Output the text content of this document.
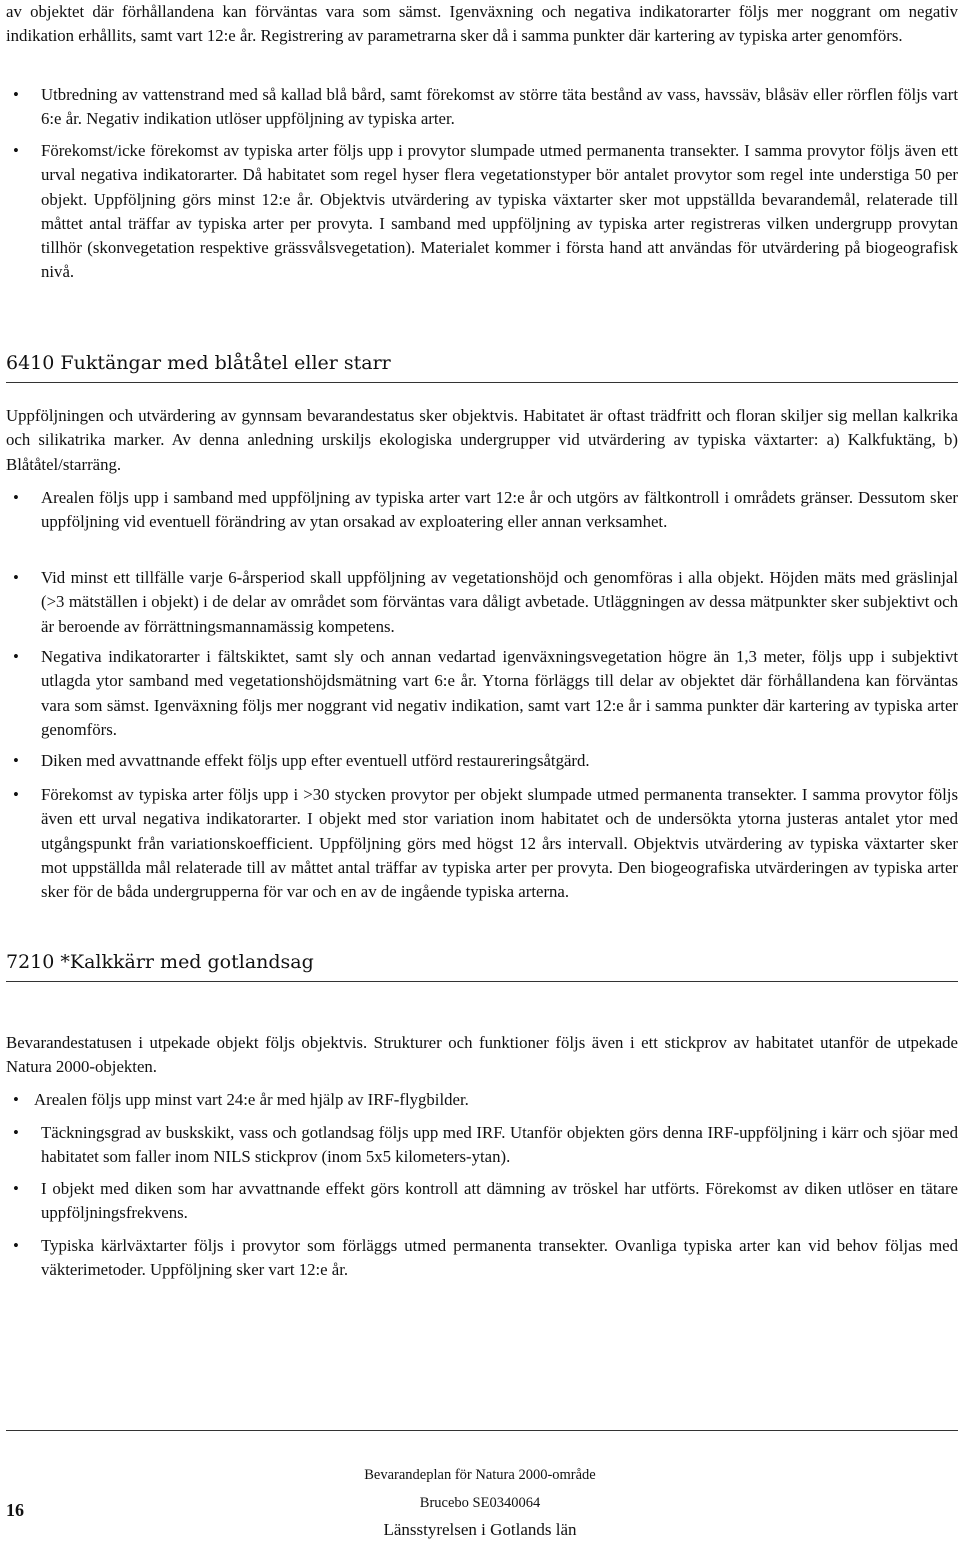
av objektet där förhållandena kan förväntas vara som sämst. Igenväxning och negativa indikatorarter följs mer noggrant om negativ indikation erhållits, samt vart 12:e år. Registrering av parametrarna sker då i samma punkter där kartering av typiska arter genomförs.

•	Utbredning av vattenstrand med så kallad blå bård, samt förekomst av större täta bestånd av vass, havssäv, blåsäv eller rörflen följs vart 6:e år. Negativ indikation utlöser uppföljning av typiska arter.
•	Förekomst/icke förekomst av typiska arter följs upp i provytor slumpade utmed permanenta transekter. I samma provytor följs även ett urval negativa indikatorarter. Då habitatet som regel hyser flera vegetationstyper bör antalet provytor som regel inte understiga 50 per objekt. Uppföljning görs minst 12:e år. Objektvis utvärdering av typiska växtarter sker mot uppställda bevarandemål, relaterade till måttet antal träffar av typiska arter per provyta. I samband med uppföljning av typiska arter registreras vilken undergrupp provytan tillhör (skonvegetation respektive grässvålsvegetation). Materialet kommer i första hand att användas för utvärdering på biogeografisk nivå.
6410 Fuktängar med blåtåtel eller starr

Uppföljningen och utvärdering av gynnsam bevarandestatus sker objektvis. Habitatet är oftast trädfritt och floran skiljer sig mellan kalkrika och silikatrika marker. Av denna anledning urskiljs ekologiska undergrupper vid utvärdering av typiska växtarter: a) Kalkfuktäng, b) Blåtåtel/starräng.

•	Arealen följs upp i samband med uppföljning av typiska arter vart 12:e år och utgörs av fältkontroll i områdets gränser. Dessutom sker uppföljning vid eventuell förändring av ytan orsakad av exploatering eller annan verksamhet.
•	Vid minst ett tillfälle varje 6-årsperiod skall uppföljning av vegetationshöjd och genomföras i alla objekt. Höjden mäts med gräslinjal (>3 mätställen i objekt) i de delar av området som förväntas vara dåligt avbetade. Utläggningen av dessa mätpunkter sker subjektivt och är beroende av förrättningsmannamässig kompetens.
•	Negativa indikatorarter i fältskiktet, samt sly och annan vedartad igenväxningsvegetation högre än 1,3 meter, följs upp i subjektivt utlagda ytor samband med vegetationshöjdsmätning vart 6:e år. Ytorna förläggs till delar av objektet där förhållandena kan förväntas vara som sämst. Igenväxning följs mer noggrant vid negativ indikation, samt vart 12:e år i samma punkter där kartering av typiska arter genomförs.
•	Diken med avvattnande effekt följs upp efter eventuell utförd restaureringsåtgärd.
•	Förekomst av typiska arter följs upp i >30 stycken provytor per objekt slumpade utmed permanenta transekter. I samma provytor följs även ett urval negativa indikatorarter. I objekt med stor variation inom habitatet och de undersökta ytorna justeras antalet ytor med utgångspunkt från variationskoefficient. Uppföljning görs med högst 12 års intervall. Objektvis utvärdering av typiska växtarter sker mot uppställda mål relaterade till av måttet antal träffar av typiska arter per provyta. Den biogeografiska utvärderingen av typiska arter sker för de båda undergrupperna för var och en av de ingående typiska arterna.
7210 *Kalkkärr med gotlandsag

Bevarandestatusen i utpekade objekt följs objektvis. Strukturer och funktioner följs även i ett stickprov av habitatet utanför de utpekade Natura 2000-objekten.

• Arealen följs upp minst vart 24:e år med hjälp av IRF-flygbilder.
•	Täckningsgrad av buskskikt, vass och gotlandsag följs upp med IRF. Utanför objekten görs denna IRF-uppföljning i kärr och sjöar med habitatet som faller inom NILS stickprov (inom 5x5 kilometers-ytan).
•	I objekt med diken som har avvattnande effekt görs kontroll att dämning av tröskel har utförts. Förekomst av diken utlöser en tätare uppföljningsfrekvens.
•	Typiska kärlväxtarter följs i provytor som förläggs utmed permanenta transekter. Ovanliga typiska arter kan vid behov följas med väkterimetoder. Uppföljning sker vart 12:e år.
16
Bevarandeplan för Natura 2000-område
Brucebo SE0340064
Länsstyrelsen i Gotlands län
